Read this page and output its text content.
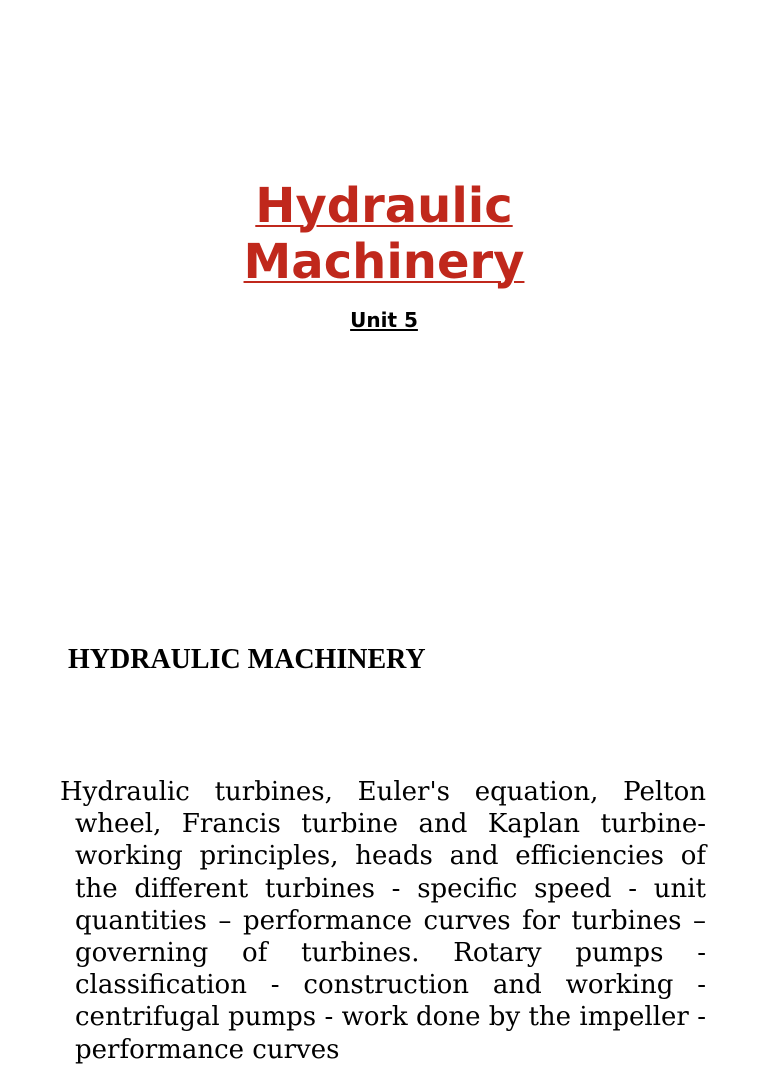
Hydraulic
Machinery

Unit 5

HYDRAULIC MACHINERY

Hydraulic turbines, Euler's equation, Pelton wheel, Francis turbine and Kaplan turbine- working principles, heads and efficiencies of the different turbines - specific speed - unit quantities – performance curves for turbines – governing of turbines. Rotary pumps - classification - construction and working - centrifugal pumps - work done by the impeller - performance curves
